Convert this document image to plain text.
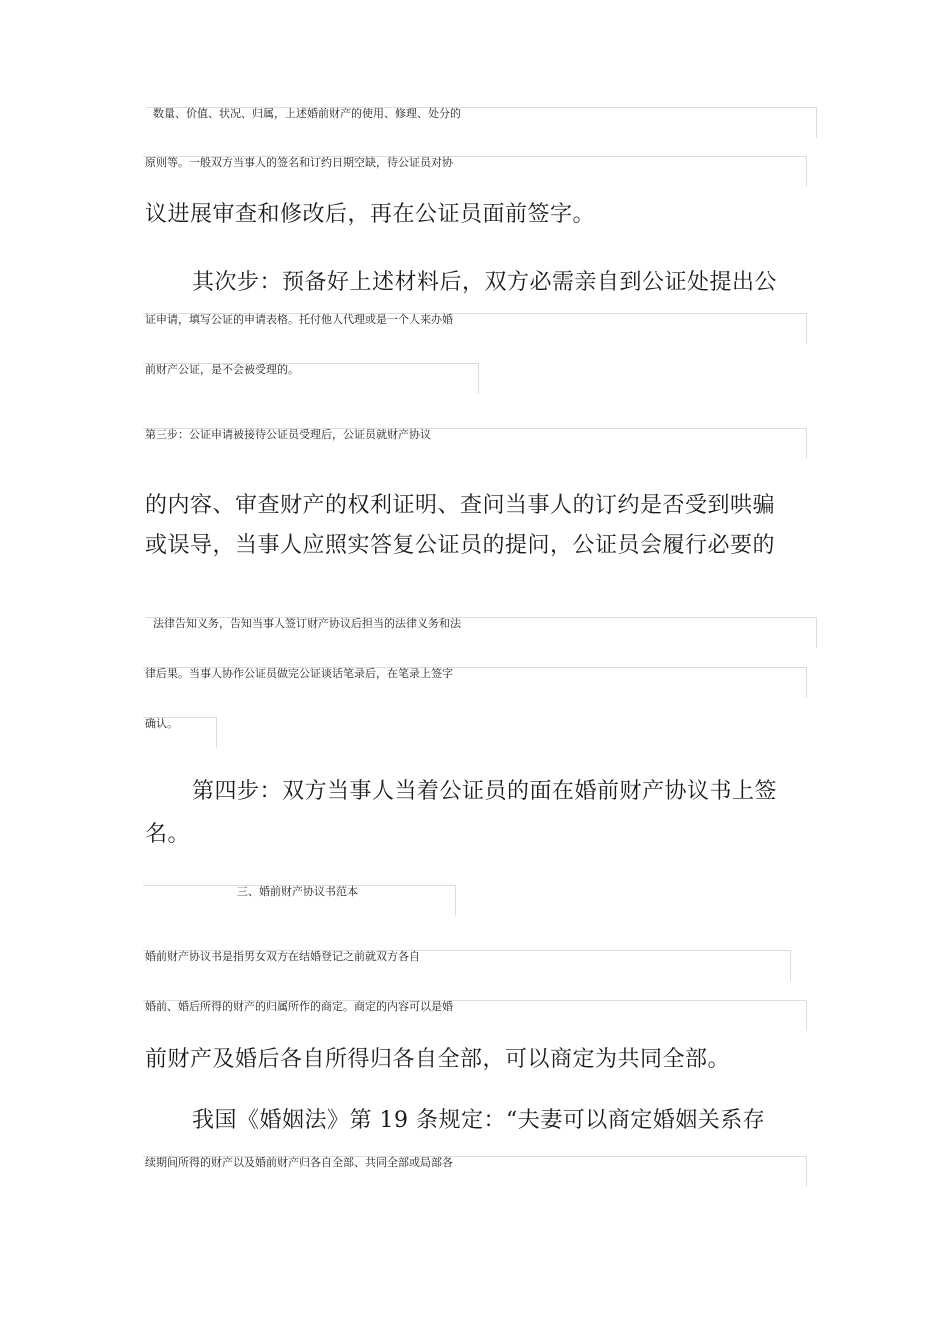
数量、价值、状况、归属，上述婚前财产的使用、修理、处分的
原则等。一般双方当事人的签名和订约日期空缺，待公证员对协
议进展审查和修改后，再在公证员面前签字。
其次步：预备好上述材料后，双方必需亲自到公证处提出公
证申请，填写公证的申请表格。托付他人代理或是一个人来办婚
前财产公证，是不会被受理的。
第三步：公证申请被接待公证员受理后，公证员就财产协议
的内容、审查财产的权利证明、查问当事人的订约是否受到哄骗
或误导，当事人应照实答复公证员的提问，公证员会履行必要的
法律告知义务，告知当事人签订财产协议后担当的法律义务和法
律后果。当事人协作公证员做完公证谈话笔录后，在笔录上签字
确认。
第四步：双方当事人当着公证员的面在婚前财产协议书上签
名。
三、婚前财产协议书范本
婚前财产协议书是指男女双方在结婚登记之前就双方各自
婚前、婚后所得的财产的归属所作的商定。商定的内容可以是婚
前财产及婚后各自所得归各自全部，可以商定为共同全部。
我国《婚姻法》第 19 条规定：“夫妻可以商定婚姻关系存
续期间所得的财产以及婚前财产归各自全部、共同全部或局部各
